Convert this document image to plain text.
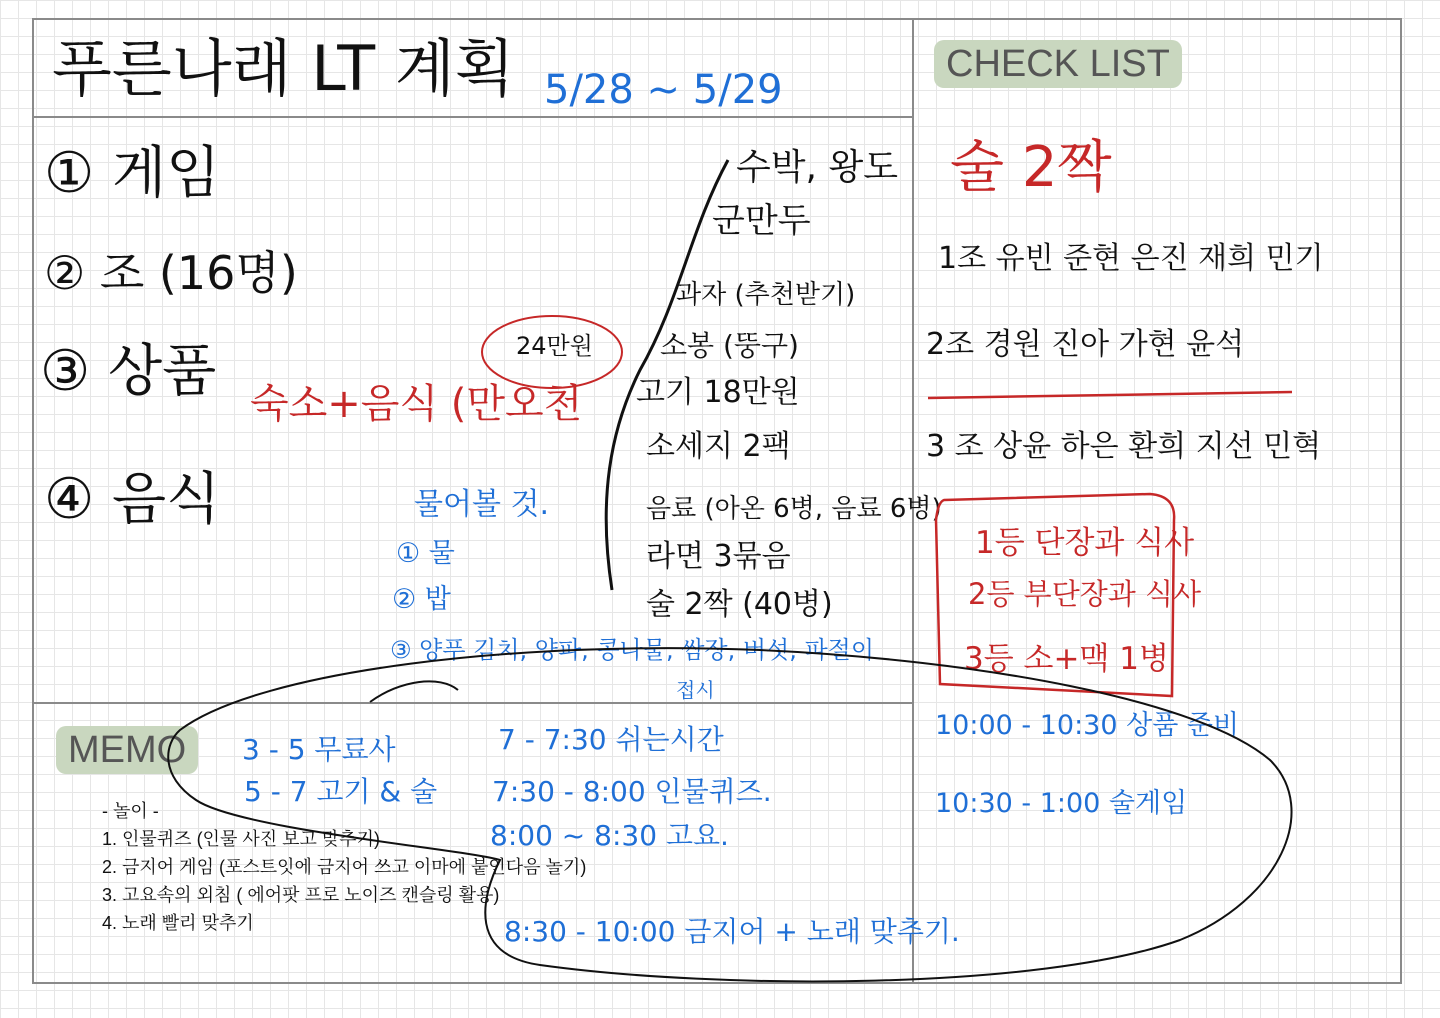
푸른나래 LT 계획 5/28 ~ 5/29
CHECK LIST
술 2짝
1조 유빈 준현 은진 재희 민기
2조 경원 진아 가현 윤석
3 조 상윤 하은 환희 지선 민혁
1등 단장과 식사
2등 부단장과 식사
3등 소+맥 1병
10:00 - 10:30 상품 준비
10:30 - 1:00 술게임
① 게임
② 조 (16명)
③ 상품
④ 음식
24만원
숙소+음식 (만오천
물어볼 것.
① 물
② 밥
③ 양푸 김치, 양파, 콩나물, 쌈장, 버섯, 파절이
접시
수박, 왕도
군만두
과자 (추천받기)
소봉 (뚱구)
고기 18만원
소세지 2팩
음료 (아온 6병, 음료 6병)
라면 3묶음
술 2짝 (40병)
MEMO	3 - 5 무료사
5 - 7 고기 & 술
7 - 7:30 쉬는시간
7:30 - 8:00 인물퀴즈.
8:00 ~ 8:30 고요.
8:30 - 10:00 금지어 + 노래 맞추기.
- 놀이 -
1. 인물퀴즈 (인물 사진 보고 맞추기)
2. 금지어 게임 (포스트잇에 금지어 쓰고 이마에 붙인다음 놀기)
3. 고요속의 외침 ( 에어팟 프로 노이즈 캔슬링 활용)
4. 노래 빨리 맞추기
